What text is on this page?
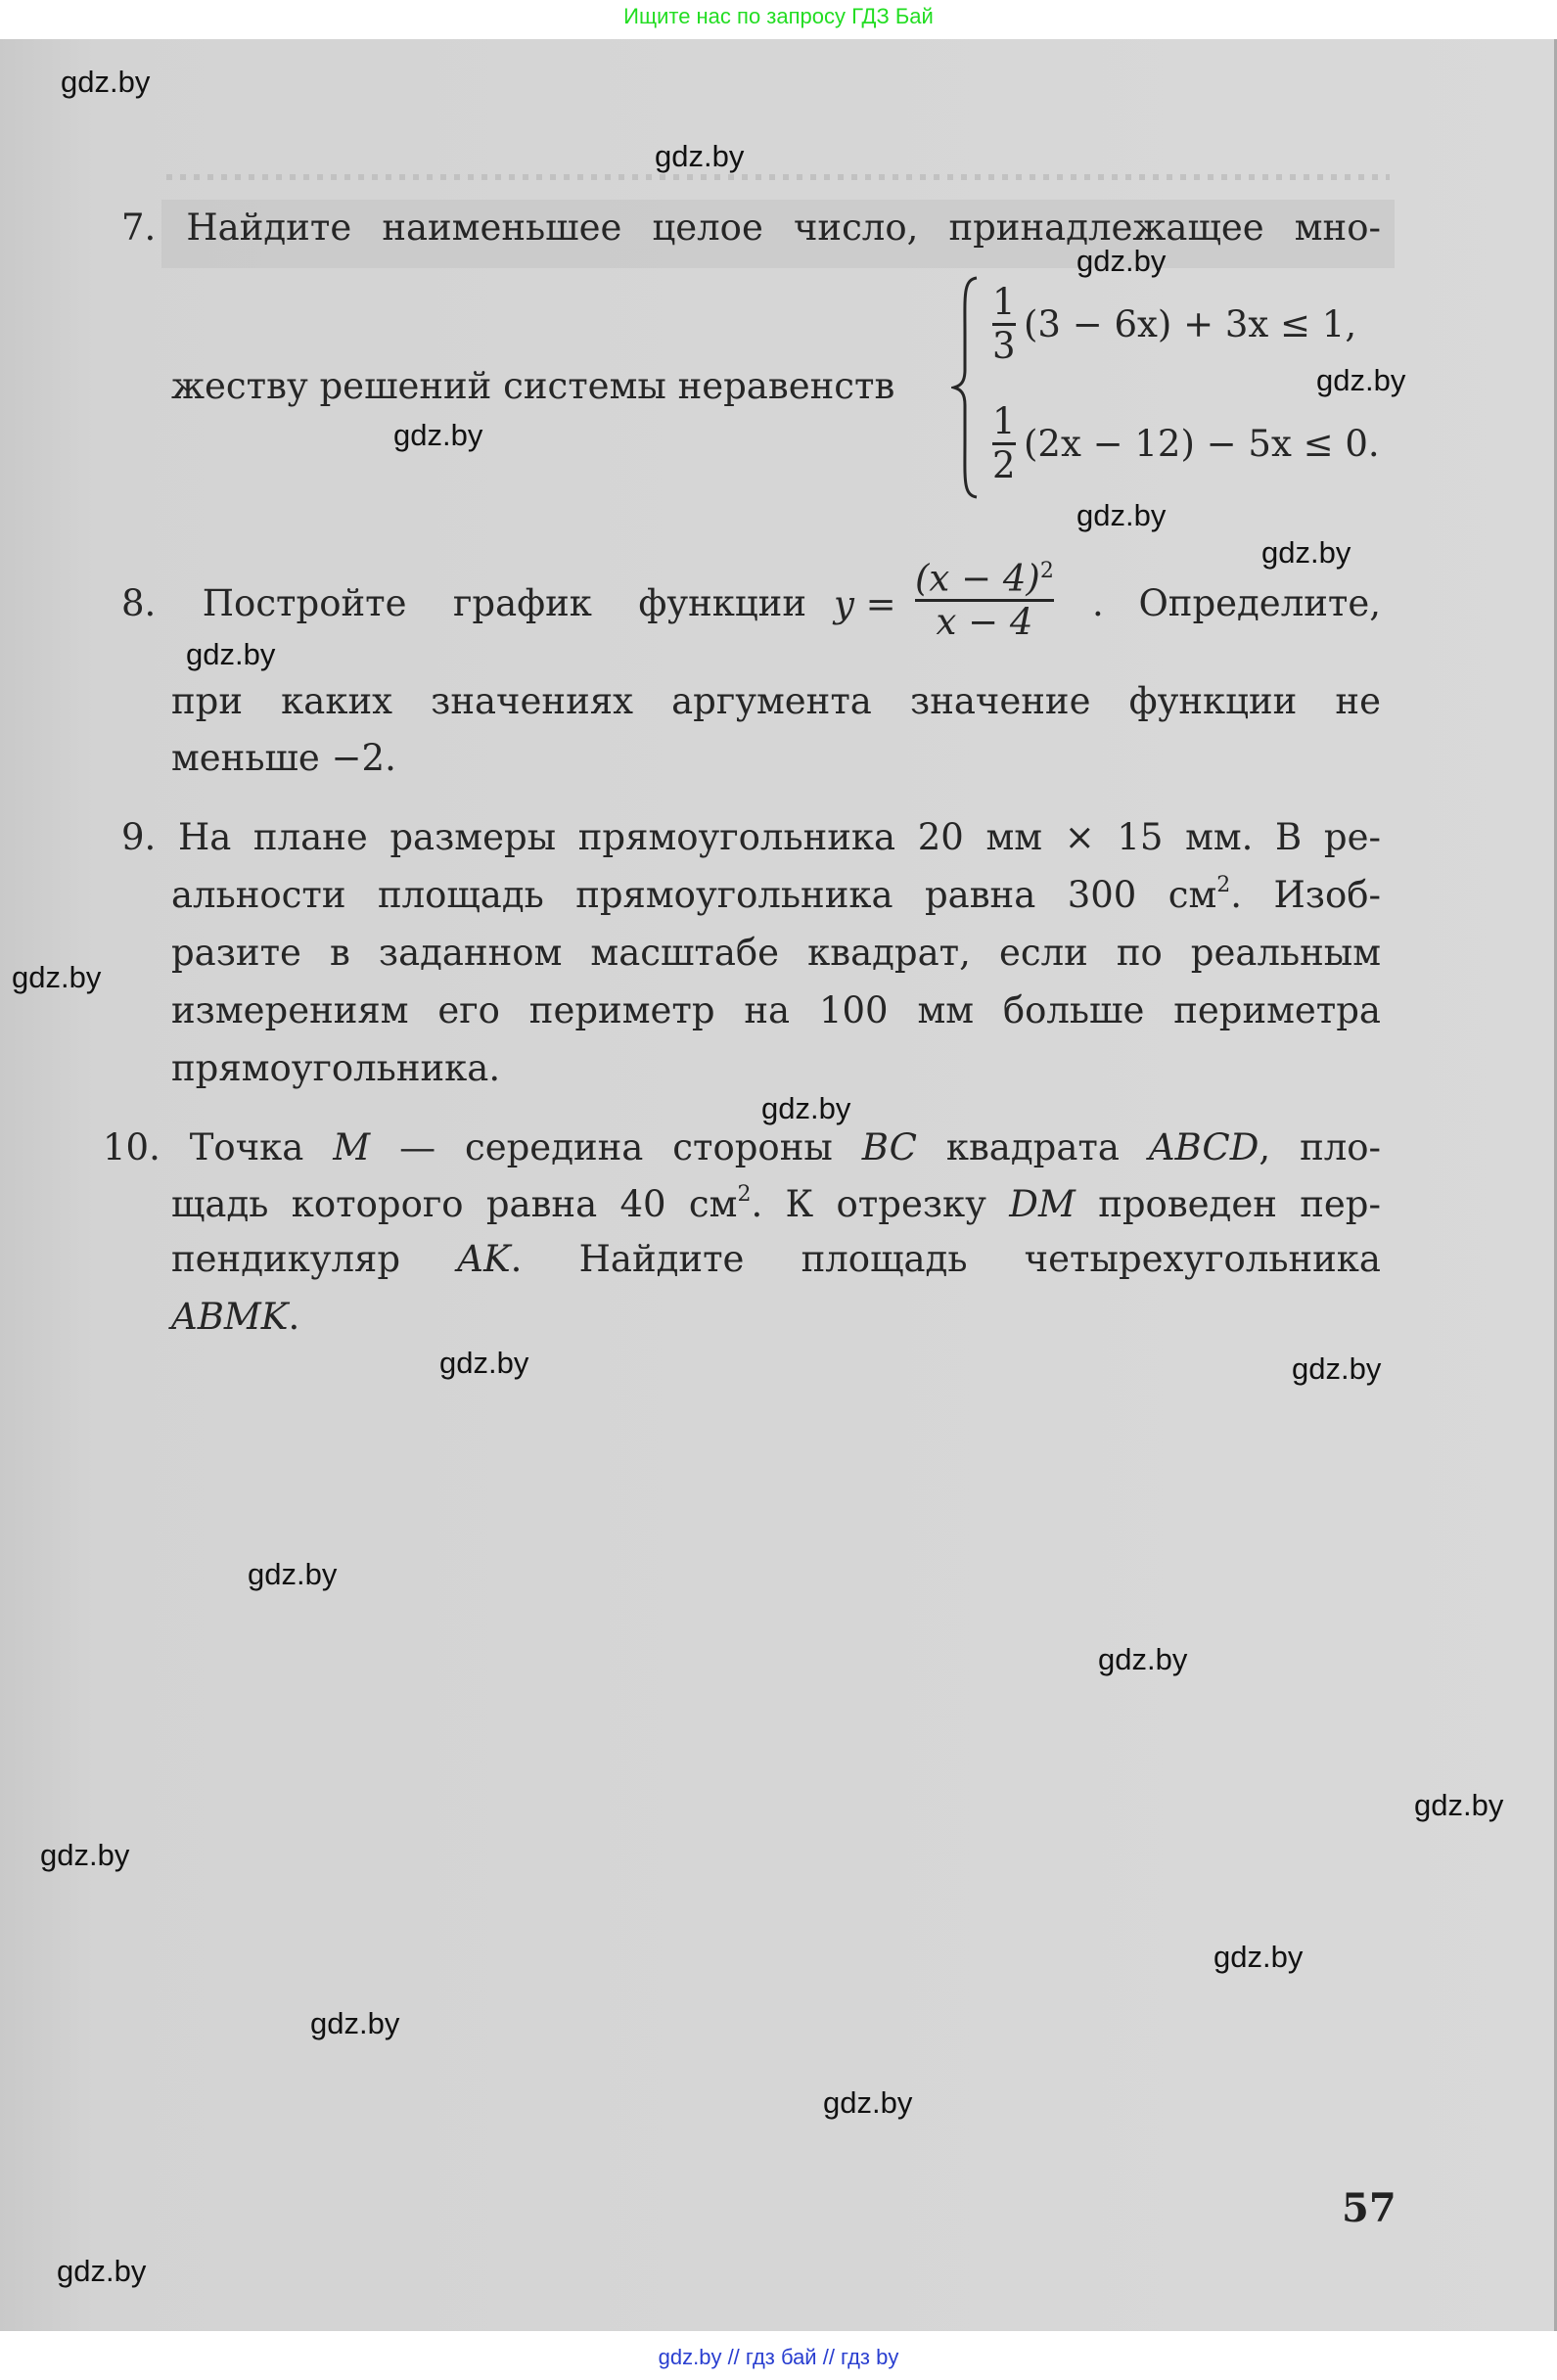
Ищите нас по запросу ГДЗ Бай
7. Найдите наименьшее целое число, принадлежащее мно-
жеству решений системы неравенств
1
3
(3 − 6x) + 3x ≤ 1,
1
2
(2x − 12) − 5x ≤ 0.
8. Постройте график функции y =
$(x - 4)^2$
x − 4 . Определите,
при каких значениях аргумента значение функции не
меньше −2.
9. На плане размеры прямоугольника 20 мм × 15 мм. В ре-
альности площадь прямоугольника равна 300 $см^2$. Изоб-
разите в заданном масштабе квадрат, если по реальным
измерениям его периметр на 100 мм больше периметра
прямоугольника.
10. Точка M — середина стороны BC квадрата ABCD, пло-
щадь которого равна 40 $см^2$. К отрезку DM проведен пер-
пендикуляр AK. Найдите площадь четырехугольника
ABMK.
57
gdz.by
gdz.by
gdz.by
gdz.by
gdz.by
gdz.by
gdz.by
gdz.by
gdz.by
gdz.by
gdz.by	gdz.by
gdz.by
gdz.by
gdz.by
gdz.by
gdz.by
gdz.by
gdz.by
gdz.by
gdz.by // гдз бай // гдз by
